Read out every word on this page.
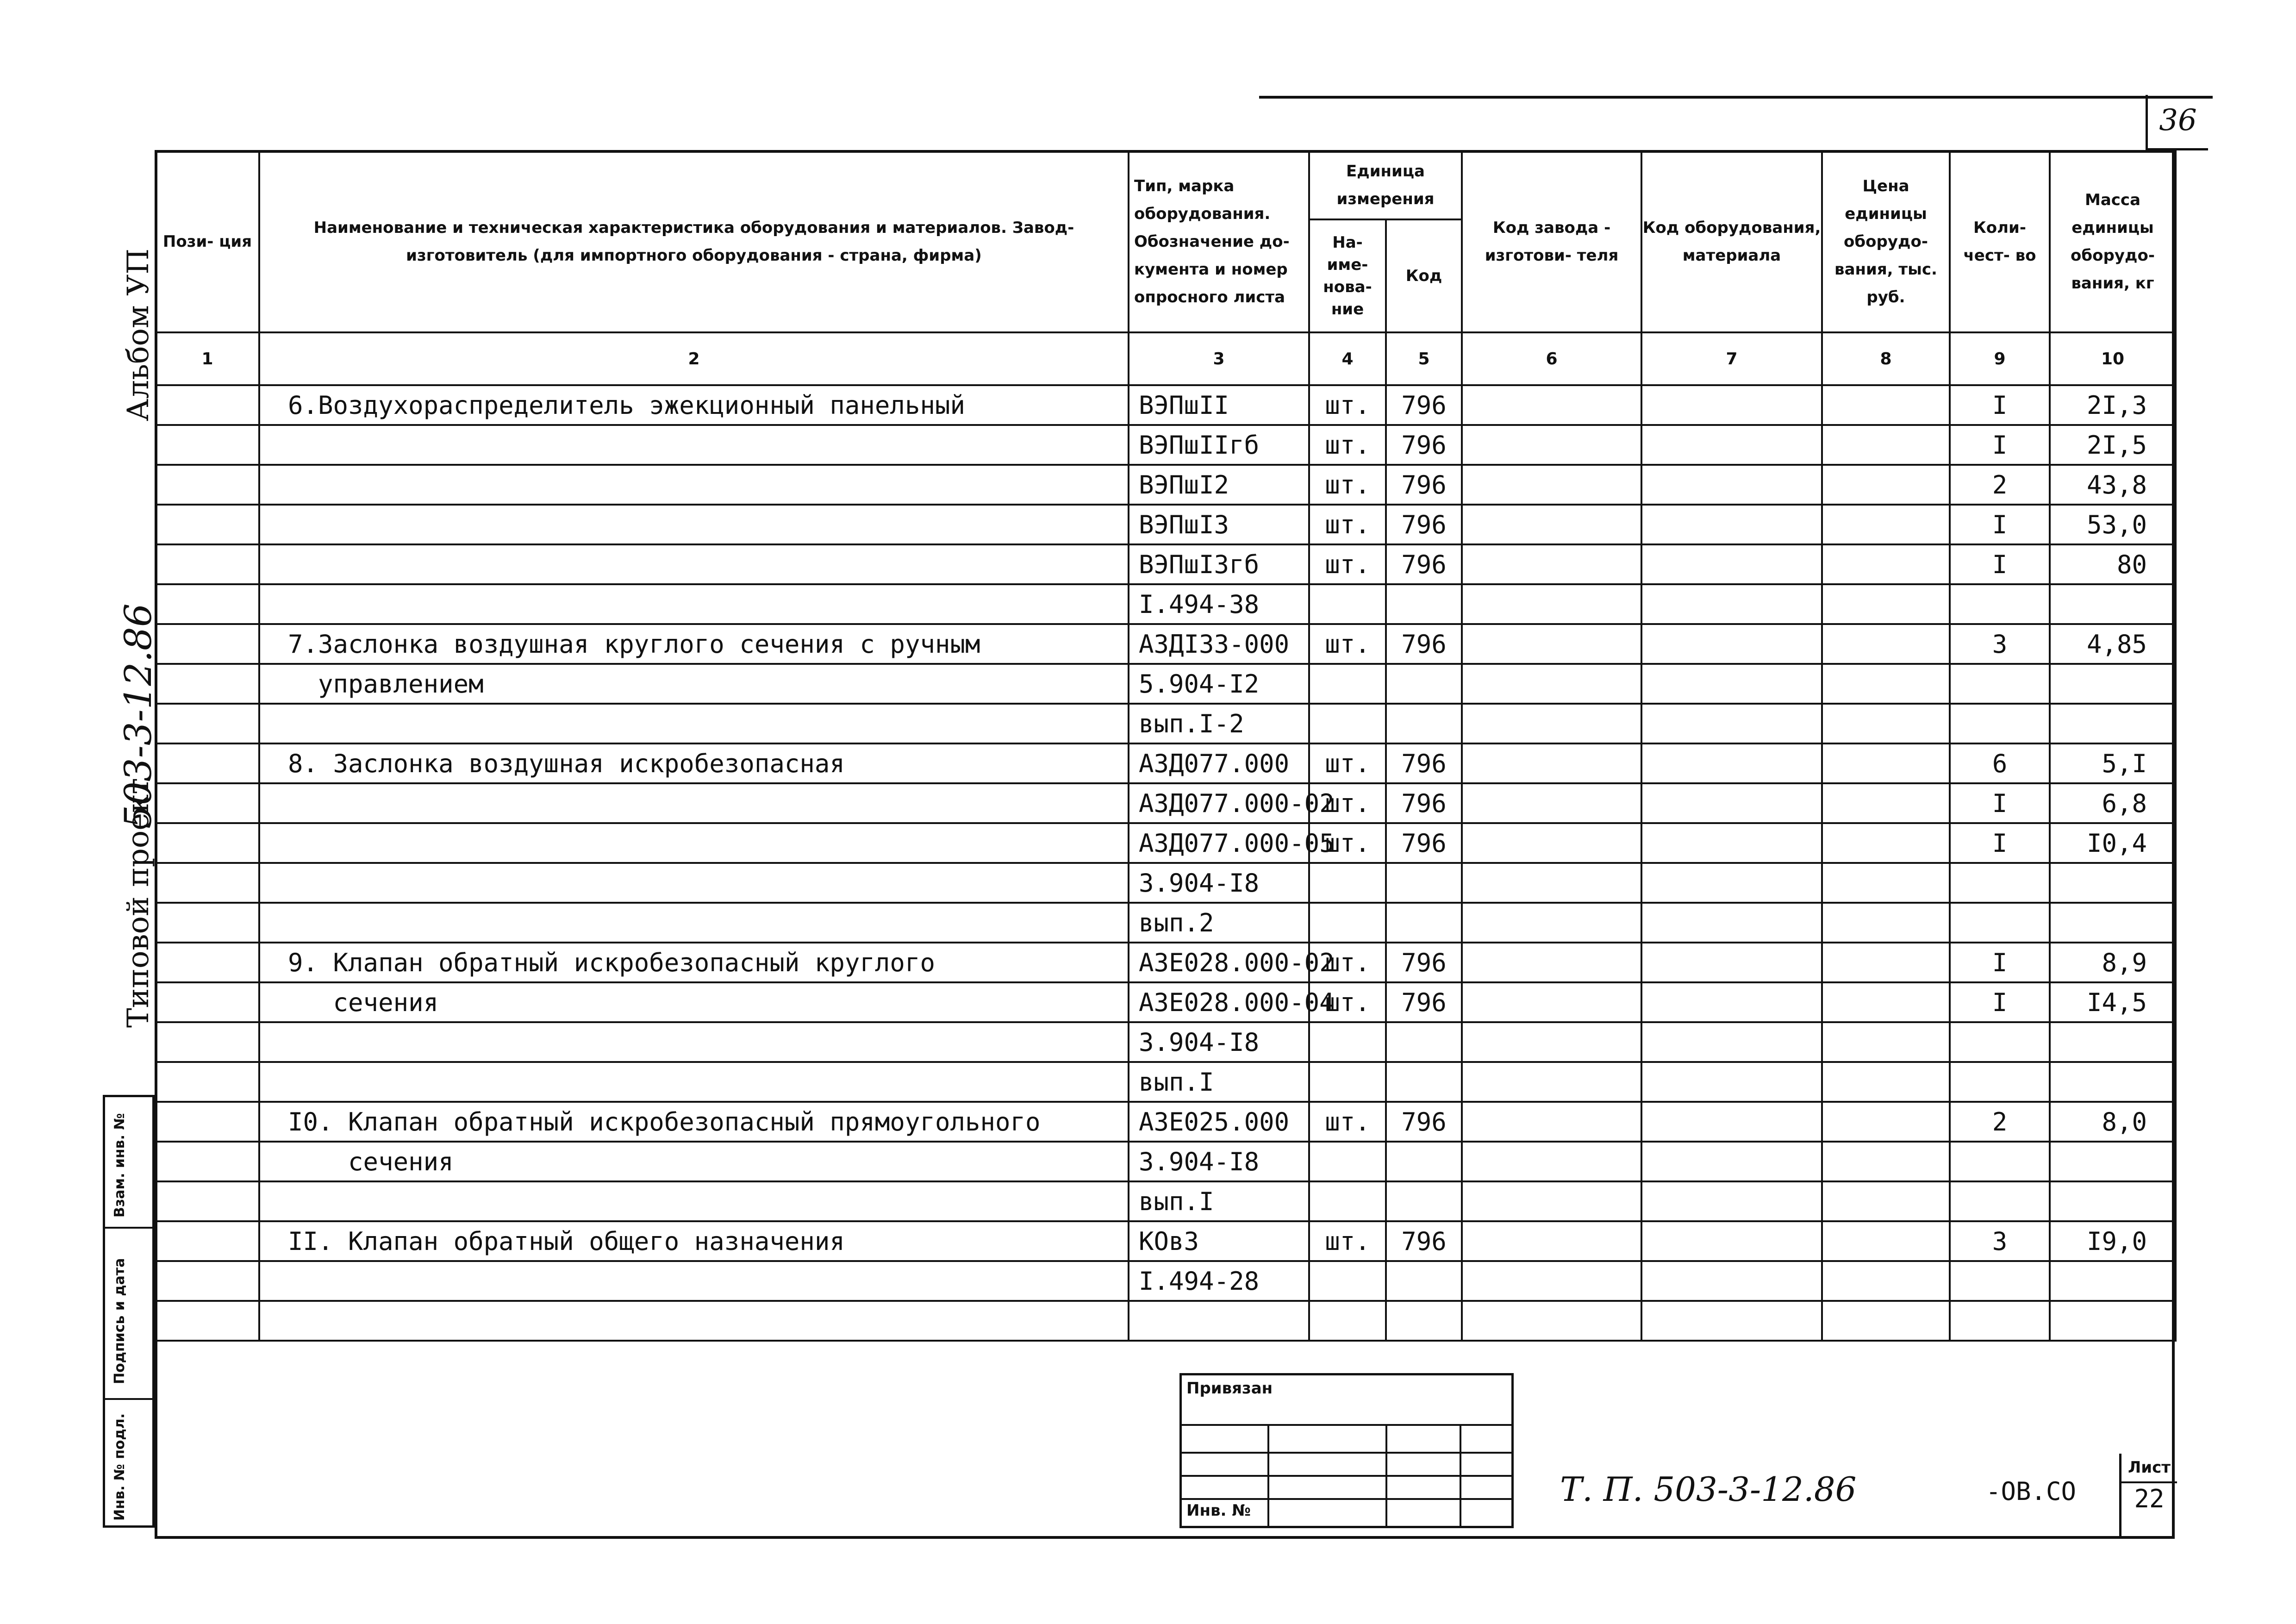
36
Альбом УП
Типовой проект
503-3-12.86
Взам. инв. №
Подпись и дата
Инв. № подл.
Пози- ция	Наименование и техническая характеристика оборудования и материалов. Завод-изготовитель (для импортного оборудования - страна, фирма)	Тип, марка оборудования. Обозначение до- кумента и номер опросного листа	Единица измерения		Код завода - изготови- теля	Код оборудования, материала	Цена единицы оборудо- вания, тыс. руб.	Коли- чест- во	Масса единицы оборудо- вания, кг
			На- име- нова- ние	Код					
1	2	3	4	5	6	7	8	9	10
	6.Воздухораспределитель эжекционный панельный	ВЭПшII	шт.	796				I	2I,3
		ВЭПшIIгб	шт.	796				I	2I,5
		ВЭПшI2	шт.	796				2	43,8
		ВЭПшI3	шт.	796				I	53,0
		ВЭПшI3гб	шт.	796				I	80
		I.494-38							
	7.Заслонка воздушная круглого сечения с ручным	АЗДI33-000	шт.	796				3	4,85
	управлением	5.904-I2							
		вып.I-2							
	8. Заслонка воздушная искробезопасная	АЗД077.000	шт.	796				6	5,I
		АЗД077.000-02	шт.	796				I	6,8
		АЗД077.000-05	шт.	796				I	I0,4
		3.904-I8							
		вып.2							
	9. Клапан обратный искробезопасный круглого	АЗЕ028.000-02	шт.	796				I	8,9
	сечения	АЗЕ028.000-04	шт.	796				I	I4,5
		3.904-I8							
		вып.I							
	I0. Клапан обратный искробезопасный прямоугольного	АЗЕ025.000	шт.	796				2	8,0
	сечения	3.904-I8							
		вып.I							
	II. Клапан обратный общего назначения	КОвЗ	шт.	796				3	I9,0
		I.494-28							

Привязан
Инв. №
Т. П. 503-3-12.86	-ОВ.СО
Лист
22
